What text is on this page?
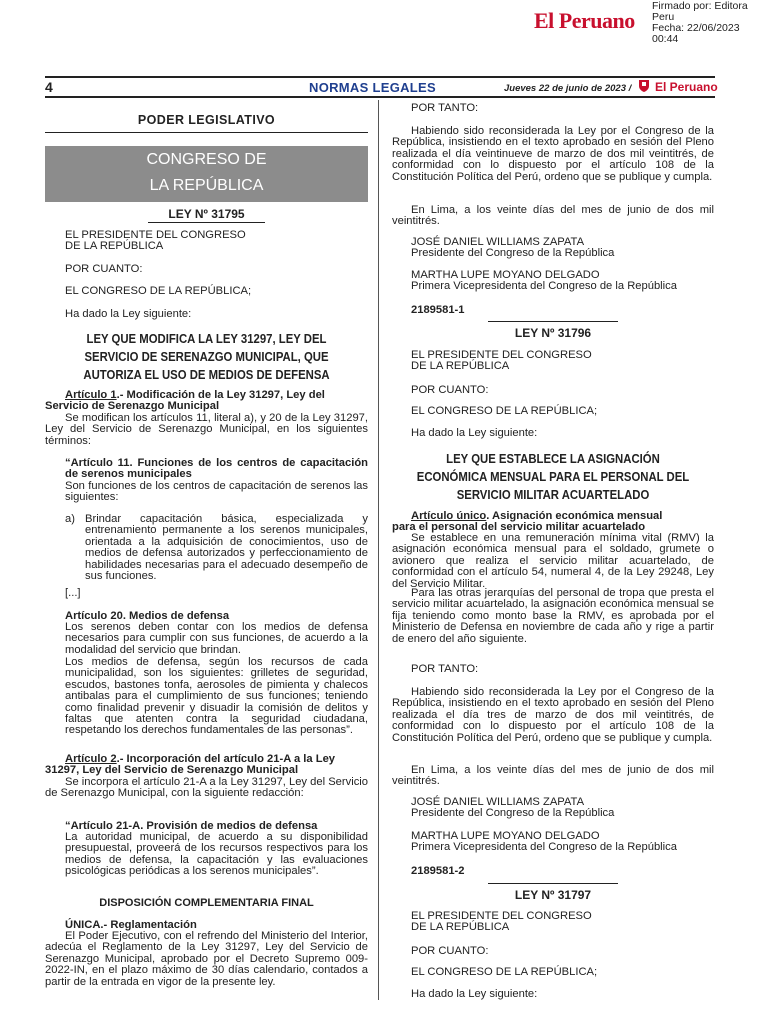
El Peruano
Firmado por: Editora
Peru
Fecha: 22/06/2023 00:44
4	NORMAS LEGALES	Jueves 22 de junio de 2023 / El Peruano
PODER LEGISLATIVO
CONGRESO DE
LA REPÚBLICA
LEY Nº 31795
EL PRESIDENTE DEL CONGRESO
DE LA REPÚBLICA
POR CUANTO:
EL CONGRESO DE LA REPÚBLICA;
Ha dado la Ley siguiente:
LEY QUE MODIFICA LA LEY 31297, LEY DEL
SERVICIO DE SERENAZGO MUNICIPAL, QUE
AUTORIZA EL USO DE MEDIOS DE DEFENSA
Artículo 1.- Modificación de la Ley 31297, Ley del
Servicio de Serenazgo Municipal
Se modifican los artículos 11, literal a), y 20 de la Ley 31297, Ley del Servicio de Serenazgo Municipal, en los siguientes términos:
“Artículo 11. Funciones de los centros de capacitación de serenos municipales
Son funciones de los centros de capacitación de serenos las siguientes:
a) Brindar capacitación básica, especializada y entrenamiento permanente a los serenos municipales, orientada a la adquisición de conocimientos, uso de medios de defensa autorizados y perfeccionamiento de habilidades necesarias para el adecuado desempeño de sus funciones.
[...]
Artículo 20. Medios de defensa
Los serenos deben contar con los medios de defensa necesarios para cumplir con sus funciones, de acuerdo a la modalidad del servicio que brindan.
Los medios de defensa, según los recursos de cada municipalidad, son los siguientes: grilletes de seguridad, escudos, bastones tonfa, aerosoles de pimienta y chalecos antibalas para el cumplimiento de sus funciones; teniendo como finalidad prevenir y disuadir la comisión de delitos y faltas que atenten contra la seguridad ciudadana, respetando los derechos fundamentales de las personas”.
Artículo 2.- Incorporación del artículo 21-A a la Ley
31297, Ley del Servicio de Serenazgo Municipal
Se incorpora el artículo 21-A a la Ley 31297, Ley del Servicio de Serenazgo Municipal, con la siguiente redacción:
“Artículo 21-A. Provisión de medios de defensa
La autoridad municipal, de acuerdo a su disponibilidad presupuestal, proveerá de los recursos respectivos para los medios de defensa, la capacitación y las evaluaciones psicológicas periódicas a los serenos municipales”.
DISPOSICIÓN COMPLEMENTARIA FINAL
ÚNICA.- Reglamentación
El Poder Ejecutivo, con el refrendo del Ministerio del Interior, adecúa el Reglamento de la Ley 31297, Ley del Servicio de Serenazgo Municipal, aprobado por el Decreto Supremo 009-2022-IN, en el plazo máximo de 30 días calendario, contados a partir de la entrada en vigor de la presente ley.
POR TANTO:
Habiendo sido reconsiderada la Ley por el Congreso de la República, insistiendo en el texto aprobado en sesión del Pleno realizada el día veintinueve de marzo de dos mil veintitrés, de conformidad con lo dispuesto por el artículo 108 de la Constitución Política del Perú, ordeno que se publique y cumpla.
En Lima, a los veinte días del mes de junio de dos mil veintitrés.
JOSÉ DANIEL WILLIAMS ZAPATA
Presidente del Congreso de la República
MARTHA LUPE MOYANO DELGADO
Primera Vicepresidenta del Congreso de la República
2189581-1
LEY Nº 31796
EL PRESIDENTE DEL CONGRESO
DE LA REPÚBLICA
POR CUANTO:
EL CONGRESO DE LA REPÚBLICA;
Ha dado la Ley siguiente:
LEY QUE ESTABLECE LA ASIGNACIÓN
ECONÓMICA MENSUAL PARA EL PERSONAL DEL
SERVICIO MILITAR ACUARTELADO
Artículo único. Asignación económica mensual
para el personal del servicio militar acuartelado
Se establece en una remuneración mínima vital (RMV) la asignación económica mensual para el soldado, grumete o avionero que realiza el servicio militar acuartelado, de conformidad con el artículo 54, numeral 4, de la Ley 29248, Ley del Servicio Militar.
Para las otras jerarquías del personal de tropa que presta el servicio militar acuartelado, la asignación económica mensual se fija teniendo como monto base la RMV, es aprobada por el Ministerio de Defensa en noviembre de cada año y rige a partir de enero del año siguiente.
POR TANTO:
Habiendo sido reconsiderada la Ley por el Congreso de la República, insistiendo en el texto aprobado en sesión del Pleno realizada el día tres de marzo de dos mil veintitrés, de conformidad con lo dispuesto por el artículo 108 de la Constitución Política del Perú, ordeno que se publique y cumpla.
En Lima, a los veinte días del mes de junio de dos mil veintitrés.
JOSÉ DANIEL WILLIAMS ZAPATA
Presidente del Congreso de la República
MARTHA LUPE MOYANO DELGADO
Primera Vicepresidenta del Congreso de la República
2189581-2
LEY Nº 31797
EL PRESIDENTE DEL CONGRESO
DE LA REPÚBLICA
POR CUANTO:
EL CONGRESO DE LA REPÚBLICA;
Ha dado la Ley siguiente:
